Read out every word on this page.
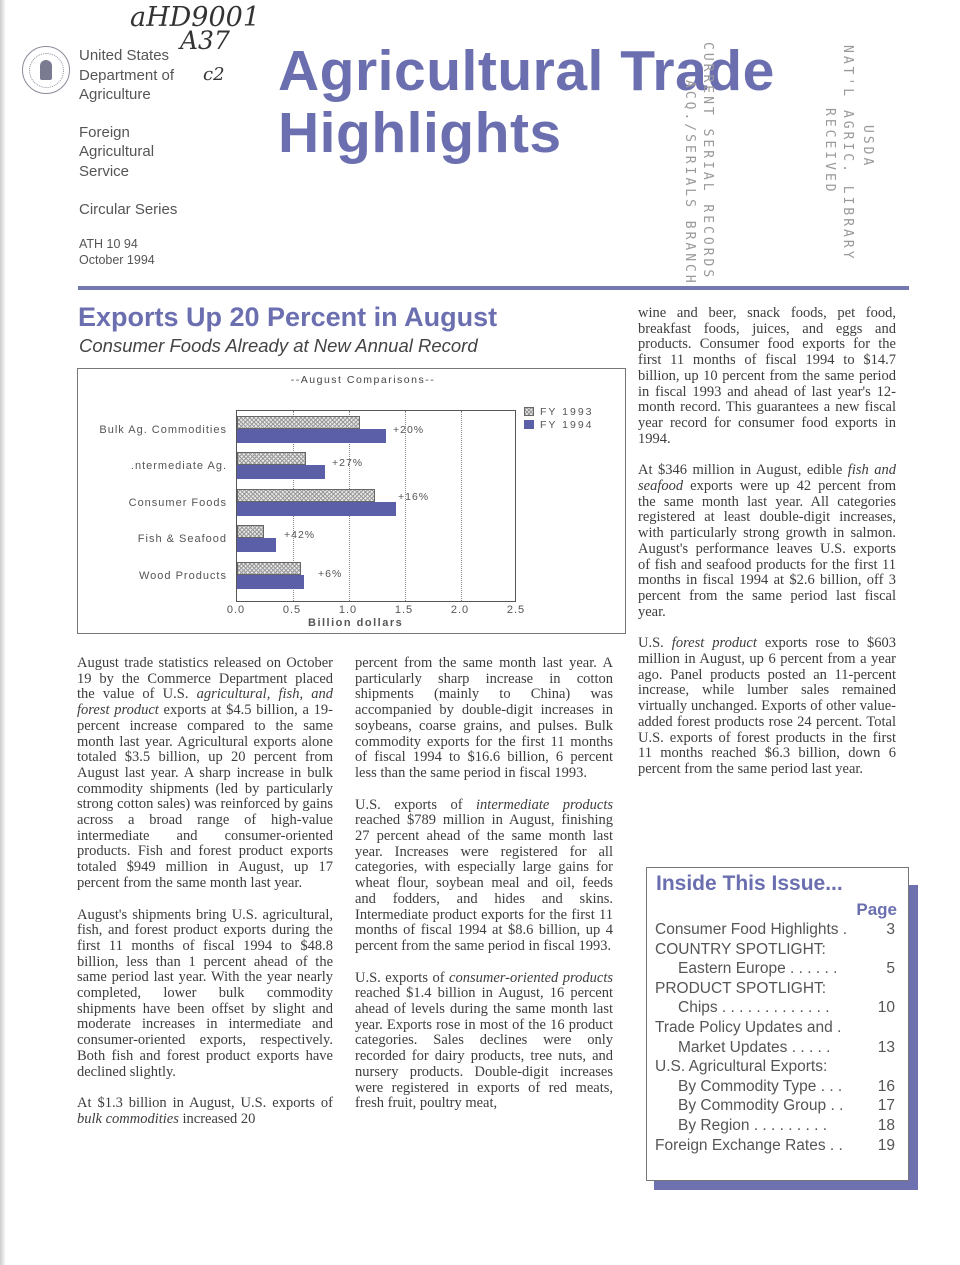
aHD9001
A37
c2
United States
Department of
Agriculture
Foreign
Agricultural
Service
Circular Series
ATH 10 94
October 1994
Agricultural Trade
Highlights	CURRENT SERIAL RECORDS
ACQ./SERIALS BRANCH	NAT'L AGRIC. LIBRARY USDA
RECEIVED
Exports Up 20 Percent in August
Consumer Foods Already at New Annual Record
--August Comparisons--
Bulk Ag. Commodities
.ntermediate Ag.
Consumer Foods
Fish & Seafood
Wood Products
+20%
+27%
+16%
+42%
+6%
0.0	0.5	1.0	1.5	2.0	2.5
Billion dollars
FY 1993
FY 1994

August trade statistics released on October 19 by the Commerce Department placed the value of U.S. agricultural, fish, and forest product exports at $4.5 billion, a 19-percent increase compared to the same month last year. Agricultural exports alone totaled $3.5 billion, up 20 percent from August last year. A sharp increase in bulk commodity shipments (led by particularly strong cotton sales) was reinforced by gains across a broad range of high-value intermediate and consumer-oriented products. Fish and forest product exports totaled $949 million in August, up 17 percent from the same month last year.

August's shipments bring U.S. agricultural, fish, and forest product exports during the first 11 months of fiscal 1994 to $48.8 billion, less than 1 percent ahead of the same period last year. With the year nearly completed, lower bulk commodity shipments have been offset by slight and moderate increases in intermediate and consumer-oriented exports, respectively. Both fish and forest product exports have declined slightly.

At $1.3 billion in August, U.S. exports of bulk commodities increased 20

percent from the same month last year. A particularly sharp increase in cotton shipments (mainly to China) was accompanied by double-digit increases in soybeans, coarse grains, and pulses. Bulk commodity exports for the first 11 months of fiscal 1994 to $16.6 billion, 6 percent less than the same period in fiscal 1993.

U.S. exports of intermediate products reached $789 million in August, finishing 27 percent ahead of the same month last year. Increases were registered for all categories, with especially large gains for wheat flour, soybean meal and oil, feeds and fodders, and hides and skins. Intermediate product exports for the first 11 months of fiscal 1994 at $8.6 billion, up 4 percent from the same period in fiscal 1993.

U.S. exports of consumer-oriented products reached $1.4 billion in August, 16 percent ahead of levels during the same month last year. Exports rose in most of the 16 product categories. Sales declines were only recorded for dairy products, tree nuts, and nursery products. Double-digit increases were registered in exports of red meats, fresh fruit, poultry meat,

wine and beer, snack foods, pet food, breakfast foods, juices, and eggs and products. Consumer food exports for the first 11 months of fiscal 1994 to $14.7 billion, up 10 percent from the same period in fiscal 1993 and ahead of last year's 12-month record. This guarantees a new fiscal year record for consumer food exports in 1994.

At $346 million in August, edible fish and seafood exports were up 42 percent from the same month last year. All categories registered at least double-digit increases, with particularly strong growth in salmon. August's performance leaves U.S. exports of fish and seafood products for the first 11 months in fiscal 1994 at $2.6 billion, off 3 percent from the same period last fiscal year.

U.S. forest product exports rose to $603 million in August, up 6 percent from a year ago. Panel products posted an 11-percent increase, while lumber sales remained virtually unchanged. Exports of other value-added forest products rose 24 percent. Total U.S. exports of forest products in the first 11 months reached $6.3 billion, down 6 percent from the same period last year.

Inside This Issue...
Page
Consumer Food Highlights .	3
COUNTRY SPOTLIGHT:
Eastern Europe . . . . . .	5
PRODUCT SPOTLIGHT:
Chips . . . . . . . . . . . . .	10
Trade Policy Updates and .
Market Updates . . . . .	13
U.S. Agricultural Exports:
By Commodity Type . . . 16
By Commodity Group . . 17
By Region . . . . . . . . .	18
Foreign Exchange Rates . . 19
